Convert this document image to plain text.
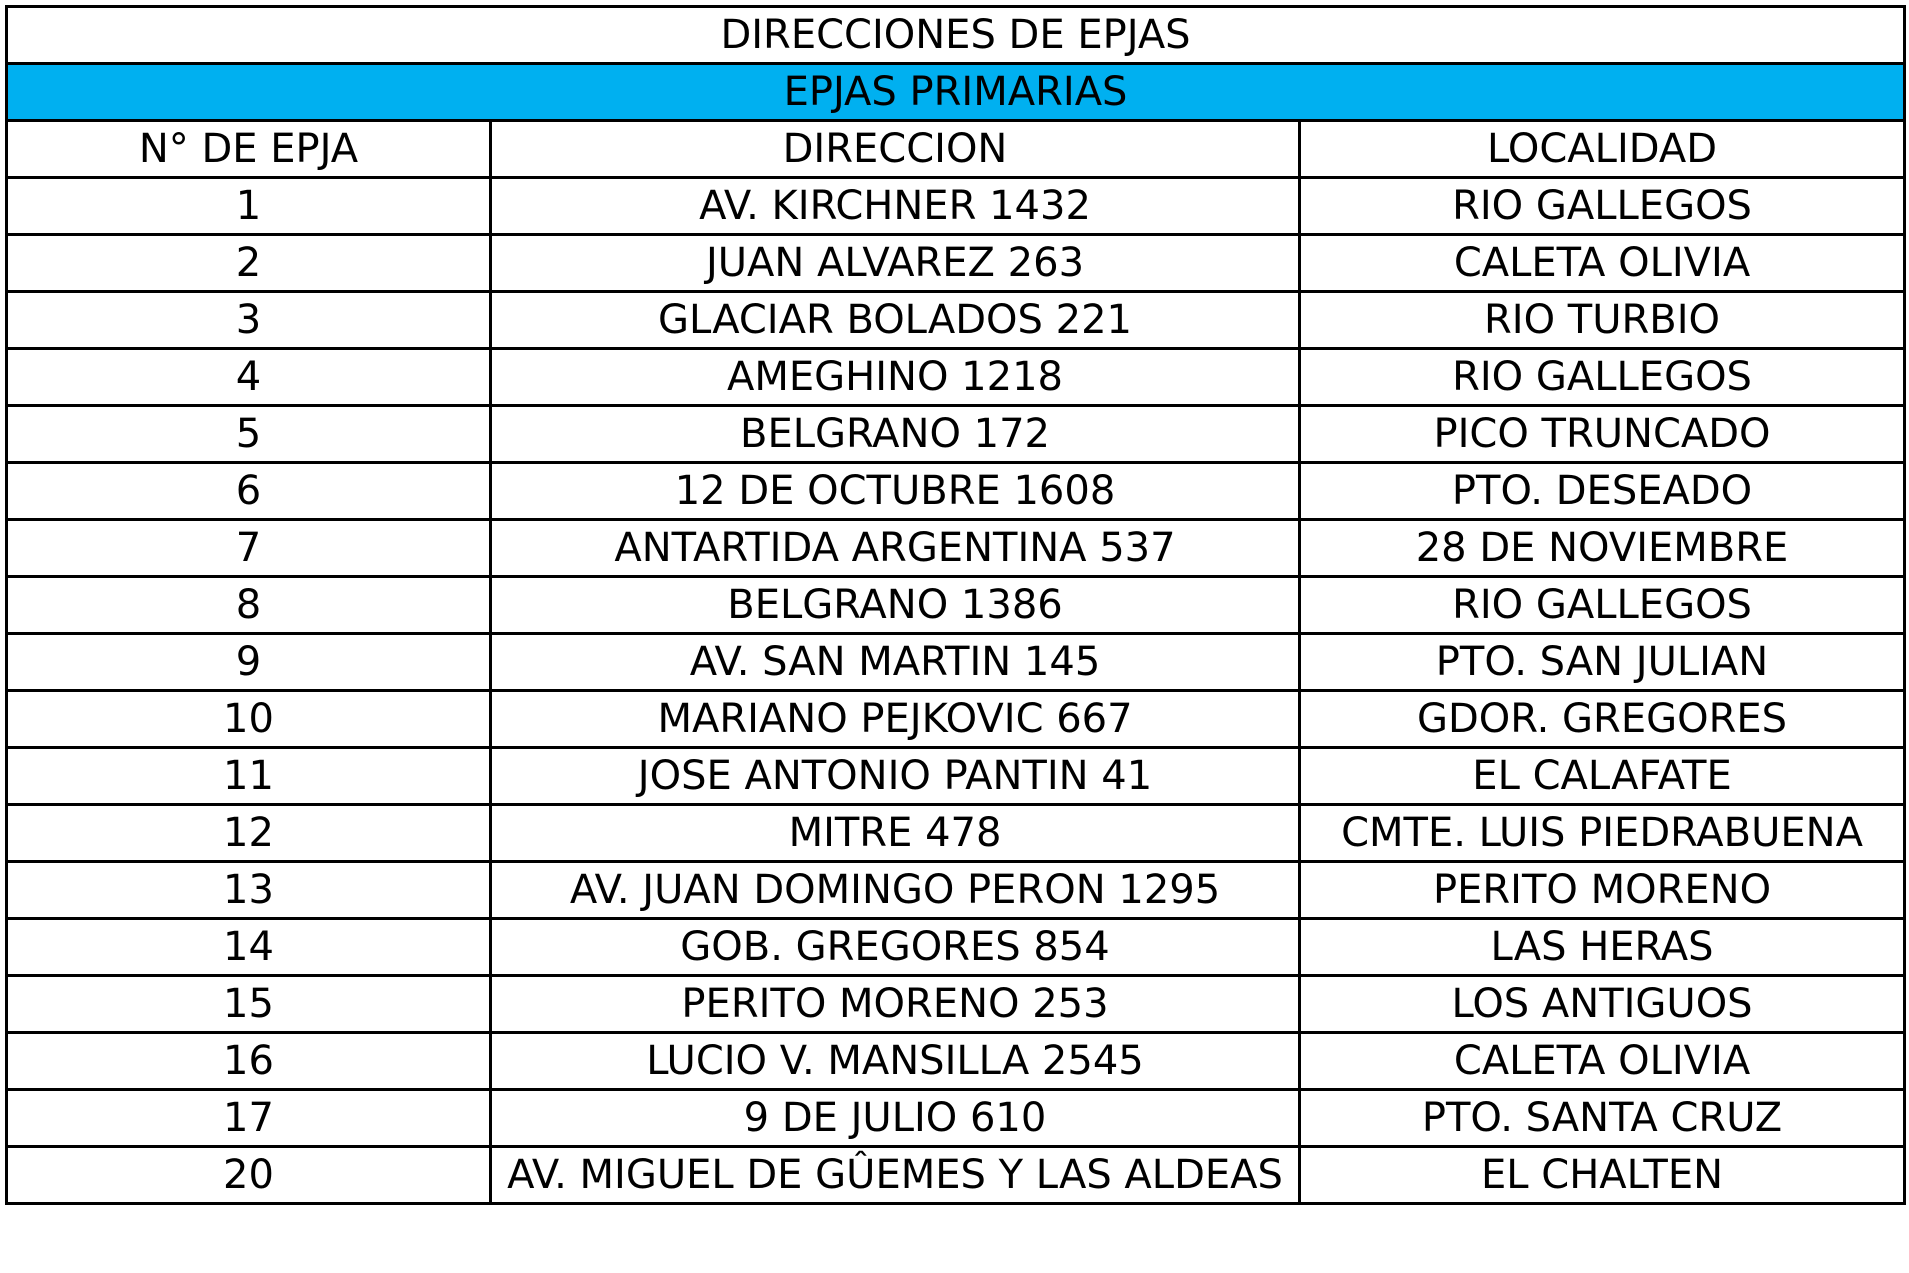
DIRECCIONES DE EPJAS		
EPJAS PRIMARIAS		
N° DE EPJA	DIRECCION	LOCALIDAD
1	AV. KIRCHNER 1432	RIO GALLEGOS
2	JUAN ALVAREZ 263	CALETA OLIVIA
3	GLACIAR BOLADOS 221	RIO TURBIO
4	AMEGHINO 1218	RIO GALLEGOS
5	BELGRANO 172	PICO TRUNCADO
6	12 DE OCTUBRE 1608	PTO. DESEADO
7	ANTARTIDA ARGENTINA 537	28 DE NOVIEMBRE
8	BELGRANO 1386	RIO GALLEGOS
9	AV. SAN MARTIN 145	PTO. SAN JULIAN
10	MARIANO PEJKOVIC 667	GDOR. GREGORES
11	JOSE ANTONIO PANTIN 41	EL CALAFATE
12	MITRE 478	CMTE. LUIS PIEDRABUENA
13	AV. JUAN DOMINGO PERON 1295	PERITO MORENO
14	GOB. GREGORES 854	LAS HERAS
15	PERITO MORENO 253	LOS ANTIGUOS
16	LUCIO V. MANSILLA 2545	CALETA OLIVIA
17	9 DE JULIO 610	PTO. SANTA CRUZ
20	AV. MIGUEL DE GÛEMES Y LAS ALDEAS	EL CHALTEN
